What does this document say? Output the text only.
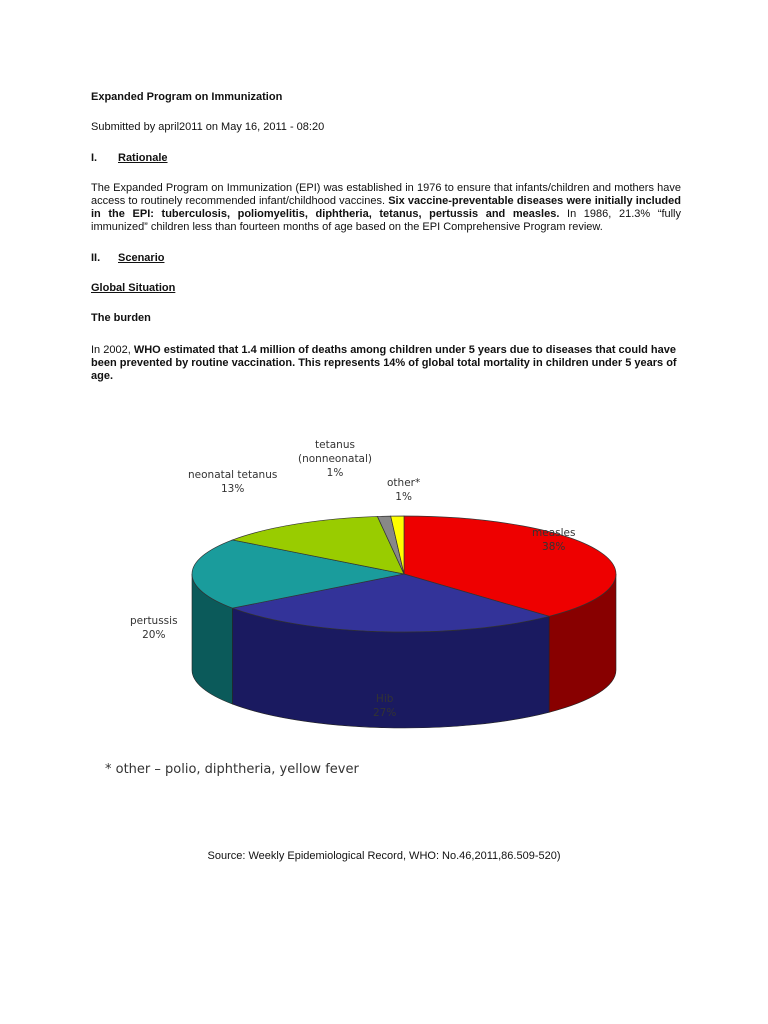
Expanded Program on Immunization
Submitted by april2011 on May 16, 2011 - 08:20
I. Rationale
The Expanded Program on Immunization (EPI) was established in 1976 to ensure that infants/children and mothers have access to routinely recommended infant/childhood vaccines. Six vaccine-preventable diseases were initially included in the EPI: tuberculosis, poliomyelitis, diphtheria, tetanus, pertussis and measles. In 1986, 21.3% “fully immunized” children less than fourteen months of age based on the EPI Comprehensive Program review.
II. Scenario
Global Situation
The burden
In 2002, WHO estimated that 1.4 million of deaths among children under 5 years due to diseases that could have been prevented by routine vaccination. This represents 14% of global total mortality in children under 5 years of age.
measles
38%
Hib
27%
pertussis
20%
neonatal tetanus
13%
tetanus (nonneonatal)
1%
other*
1%
* other – polio, diphtheria, yellow fever
Source: Weekly Epidemiological Record, WHO: No.46,2011,86.509-520)
